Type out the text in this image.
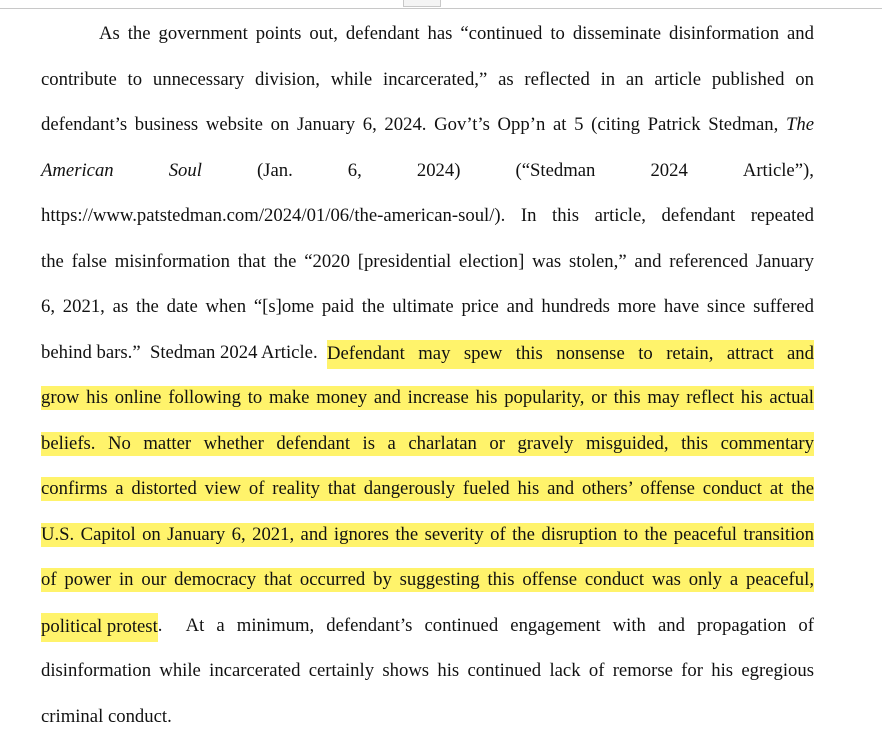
As the government points out, defendant has “continued to disseminate disinformation and
contribute to unnecessary division, while incarcerated,” as reflected in an article published on
defendant’s business website on January 6, 2024. Gov’t’s Opp’n at 5 (citing Patrick Stedman, The
American	Soul	(Jan.	6,	2024)	(“Stedman	2024	Article”),
https://www.patstedman.com/2024/01/06/the-american-soul/). In this article, defendant repeated
the false misinformation that the “2020 [presidential election] was stolen,” and referenced January
6, 2021, as the date when “[s]ome paid the ultimate price and hundreds more have since suffered
behind bars.”  Stedman 2024 Article. Defendant may spew this nonsense to retain, attract and
grow his online following to make money and increase his popularity, or this may reflect his actual
beliefs. No matter whether defendant is a charlatan or gravely misguided, this commentary
confirms a distorted view of reality that dangerously fueled his and others’ offense conduct at the
U.S. Capitol on January 6, 2021, and ignores the severity of the disruption to the peaceful transition
of power in our democracy that occurred by suggesting this offense conduct was only a peaceful,
political protest .  At a minimum, defendant’s continued engagement with and propagation of
disinformation while incarcerated certainly shows his continued lack of remorse for his egregious
criminal conduct.
